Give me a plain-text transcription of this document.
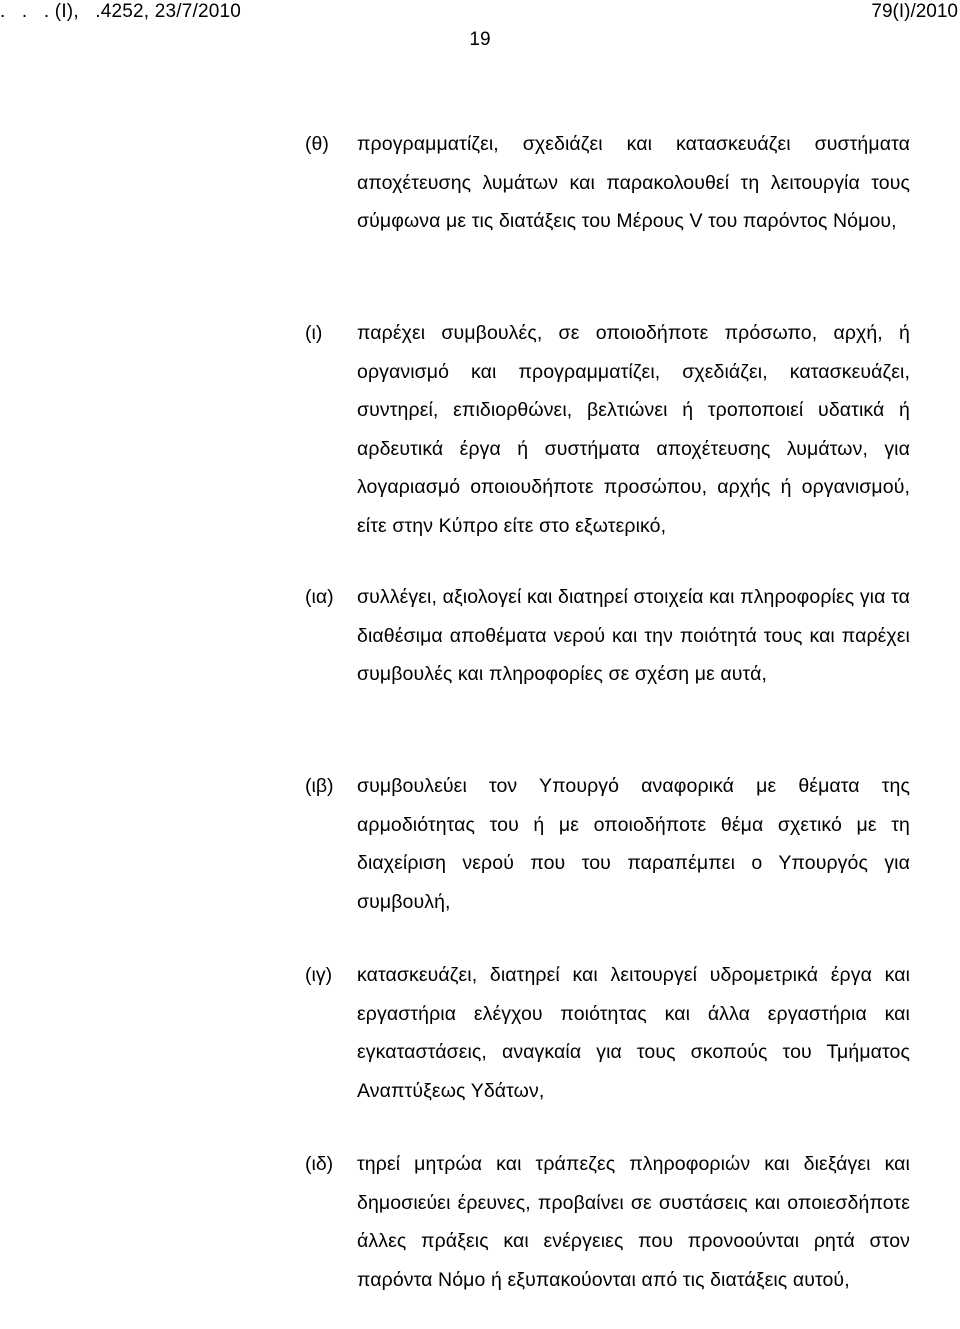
.   .   . (Ι),   .4252, 23/7/2010	79(I)/2010
19
(θ) προγραμματίζει, σχεδιάζει και κατασκευάζει συστήματα αποχέτευσης λυμάτων και παρακολουθεί τη λειτουργία τους σύμφωνα με τις διατάξεις του Μέρους V του παρόντος Νόμου,
(ι) παρέχει συμβουλές, σε οποιοδήποτε πρόσωπο, αρχή, ή οργανισμό και προγραμματίζει, σχεδιάζει, κατασκευάζει, συντηρεί, επιδιορθώνει, βελτιώνει ή τροποποιεί υδατικά ή αρδευτικά έργα ή συστήματα αποχέτευσης λυμάτων, για λογαριασμό οποιουδήποτε προσώπου, αρχής ή οργανισμού, είτε στην Κύπρο είτε στο εξωτερικό,
(ια) συλλέγει, αξιολογεί και διατηρεί στοιχεία και πληροφορίες για τα διαθέσιμα αποθέματα νερού και την ποιότητά τους και παρέχει συμβουλές και πληροφορίες σε σχέση με αυτά,
(ιβ) συμβουλεύει τον Υπουργό αναφορικά με θέματα της αρμοδιότητας του ή με οποιοδήποτε θέμα σχετικό με τη διαχείριση νερού που του παραπέμπει ο Υπουργός για συμβουλή,
(ιγ) κατασκευάζει, διατηρεί και λειτουργεί υδρομετρικά έργα και εργαστήρια ελέγχου ποιότητας και άλλα εργαστήρια και εγκαταστάσεις, αναγκαία για τους σκοπούς του Τμήματος Αναπτύξεως Υδάτων,
(ιδ) τηρεί μητρώα και τράπεζες πληροφοριών και διεξάγει και δημοσιεύει έρευνες, προβαίνει σε συστάσεις και οποιεσδήποτε άλλες πράξεις και ενέργειες που προνοούνται ρητά στον παρόντα Νόμο ή εξυπακούονται από τις διατάξεις αυτού,
